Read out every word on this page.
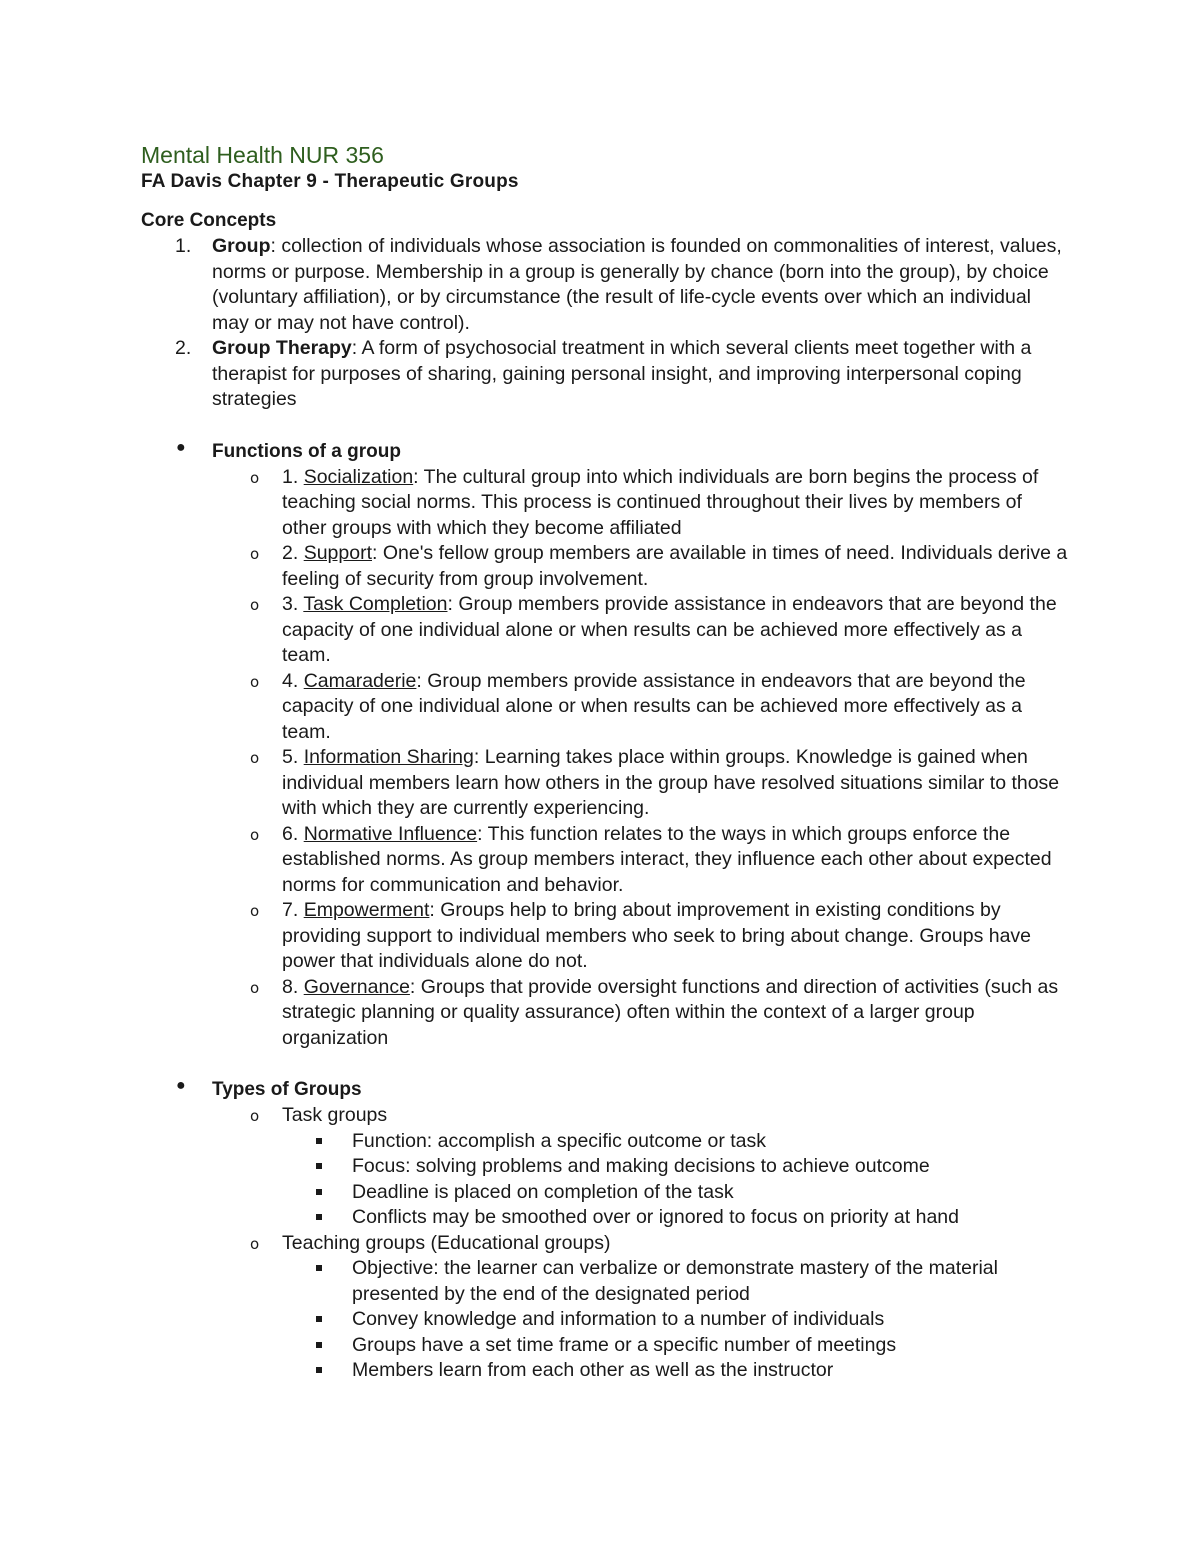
Mental Health NUR 356
FA Davis Chapter 9 - Therapeutic Groups
Core Concepts
1. Group: collection of individuals whose association is founded on commonalities of interest, values, norms or purpose. Membership in a group is generally by chance (born into the group), by choice (voluntary affiliation), or by circumstance (the result of life-cycle events over which an individual may or may not have control).
2. Group Therapy: A form of psychosocial treatment in which several clients meet together with a therapist for purposes of sharing, gaining personal insight, and improving interpersonal coping strategies
● Functions of a group
o 1. Socialization: The cultural group into which individuals are born begins the process of teaching social norms. This process is continued throughout their lives by members of other groups with which they become affiliated
o 2. Support: One's fellow group members are available in times of need. Individuals derive a feeling of security from group involvement.
o 3. Task Completion: Group members provide assistance in endeavors that are beyond the capacity of one individual alone or when results can be achieved more effectively as a team.
o 4. Camaraderie: Group members provide assistance in endeavors that are beyond the capacity of one individual alone or when results can be achieved more effectively as a team.
o 5. Information Sharing: Learning takes place within groups. Knowledge is gained when individual members learn how others in the group have resolved situations similar to those with which they are currently experiencing.
o 6. Normative Influence: This function relates to the ways in which groups enforce the established norms. As group members interact, they influence each other about expected norms for communication and behavior.
o 7. Empowerment: Groups help to bring about improvement in existing conditions by providing support to individual members who seek to bring about change. Groups have power that individuals alone do not.
o 8. Governance: Groups that provide oversight functions and direction of activities (such as strategic planning or quality assurance) often within the context of a larger group organization
● Types of Groups
o Task groups
Function: accomplish a specific outcome or task
Focus: solving problems and making decisions to achieve outcome
Deadline is placed on completion of the task
Conflicts may be smoothed over or ignored to focus on priority at hand
o Teaching groups (Educational groups)
Objective: the learner can verbalize or demonstrate mastery of the material presented by the end of the designated period
Convey knowledge and information to a number of individuals
Groups have a set time frame or a specific number of meetings
Members learn from each other as well as the instructor
